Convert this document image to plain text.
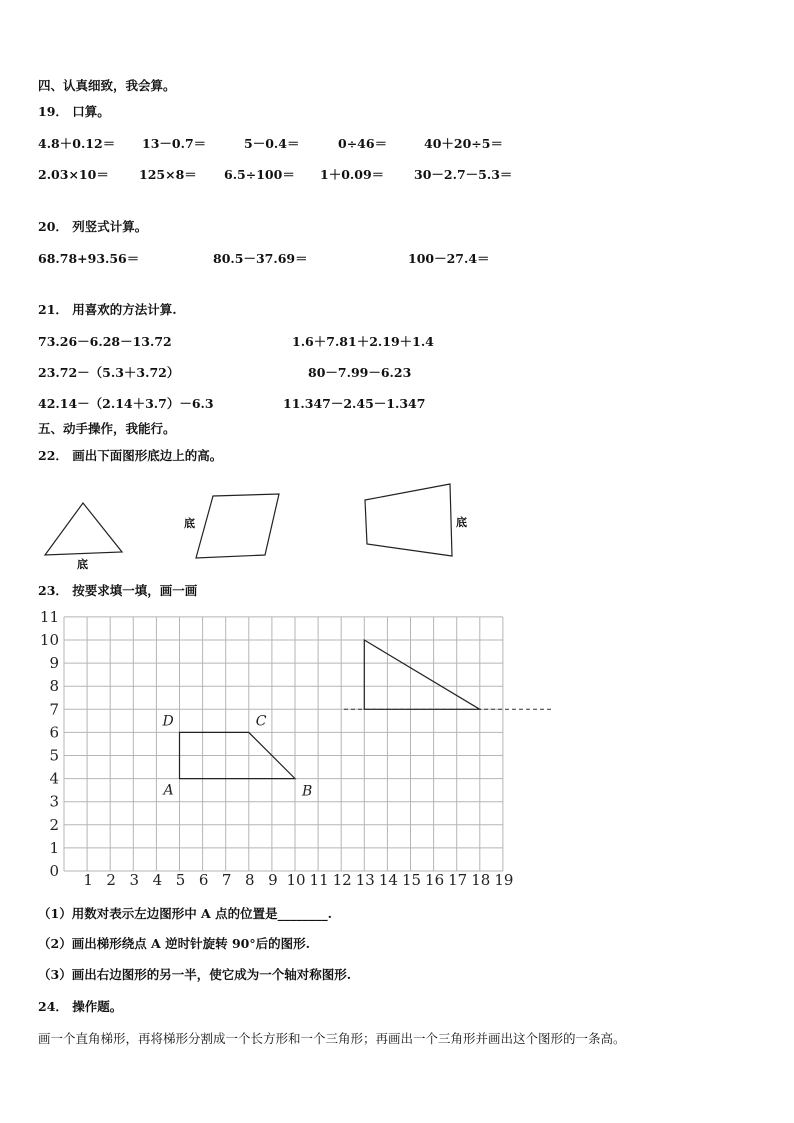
四、认真细致，我会算。
19． 口算。
4.8＋0.12＝ 13－0.7＝	5－0.4＝	0÷46＝	40＋20÷5＝
2.03×10＝ 125×8＝ 6.5÷100＝ 1＋0.09＝ 30－2.7－5.3＝
20． 列竖式计算。
68.78+93.56＝	80.5－37.69＝	100－27.4＝
21． 用喜欢的方法计算.
73.26－6.28－13.72	1.6＋7.81＋2.19＋1.4
23.72－（5.3＋3.72）	80－7.99－6.23
42.14－（2.14＋3.7）－6.3	11.347－2.45－1.347
五、动手操作，我能行。
22． 画出下面图形底边上的高。
底
底	底
0
1
2
3
4
5
6
7
8
9
10
11
1 2 3 4 5 6 7 8 9 10 11 12 13 14 15 16 17 18 19
A	B
C
D
23． 按要求填一填，画一画
（1）用数对表示左边图形中 A 点的位置是________.
（2）画出梯形绕点 A 逆时针旋转 90°后的图形.
（3）画出右边图形的另一半，使它成为一个轴对称图形.
24． 操作题。
画一个直角梯形，再将梯形分割成一个长方形和一个三角形；再画出一个三角形并画出这个图形的一条高。
